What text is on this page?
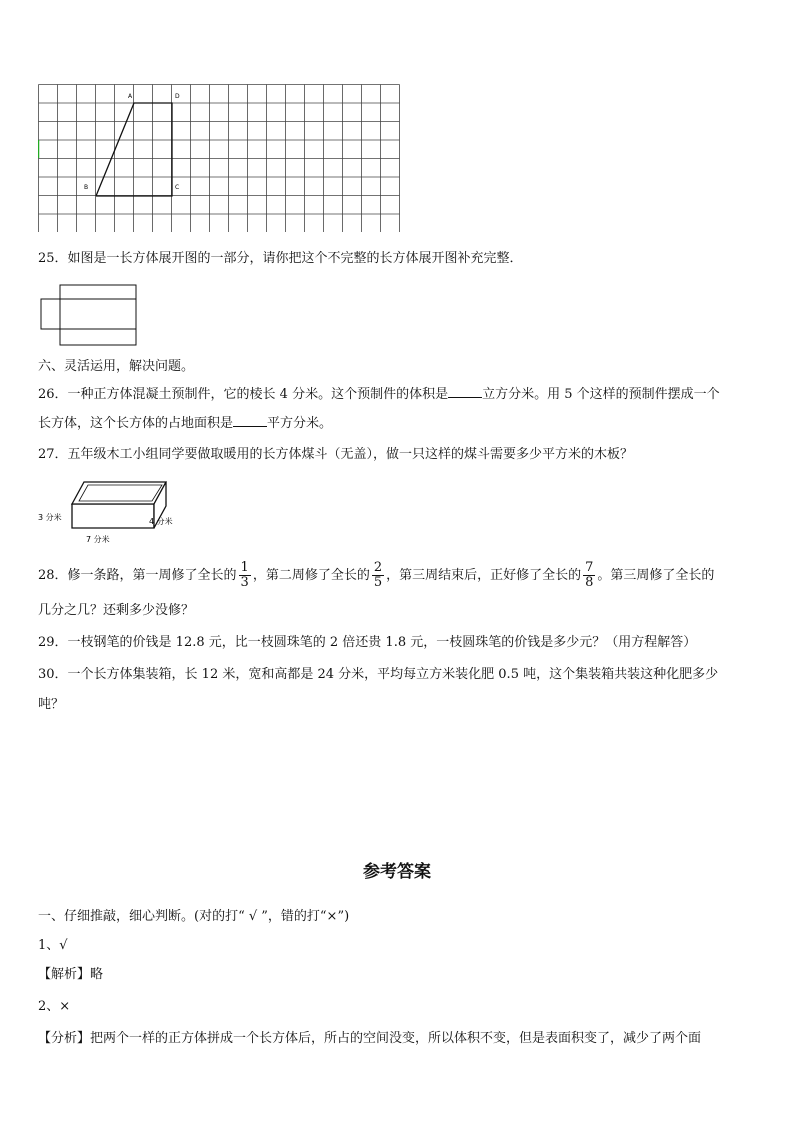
A	D
B	C
25．如图是一长方体展开图的一部分，请你把这个不完整的长方体展开图补充完整．
六、灵活运用，解决问题。
26．一种正方体混凝土预制件，它的棱长 4 分米。这个预制件的体积是	立方分米。用 5 个这样的预制件摆成一个
长方体，这个长方体的占地面积是	平方分米。
27．五年级木工小组同学要做取暖用的长方体煤斗（无盖），做一只这样的煤斗需要多少平方米的木板？
3 分米	4 分米
7 分米
28．修一条路，第一周修了全长的 $\frac{1}{3}$ ，第二周修了全长的 $\frac{2}{5}$ ，第三周结束后，正好修了全长的 $\frac{7}{8}$ 。第三周修了全长的
几分之几？还剩多少没修？
29．一枝钢笔的价钱是 12.8 元，比一枝圆珠笔的 2 倍还贵 1.8 元，一枝圆珠笔的价钱是多少元？（用方程解答）
30．一个长方体集装箱，长 12 米，宽和高都是 24 分米，平均每立方米装化肥 0.5 吨，这个集装箱共装这种化肥多少
吨？
参考答案
一、仔细推敲，细心判断。(对的打“ √ ”，错的打“×”)
1、√
【解析】略
2、×
【分析】把两个一样的正方体拼成一个长方体后，所占的空间没变，所以体积不变，但是表面积变了，减少了两个面
